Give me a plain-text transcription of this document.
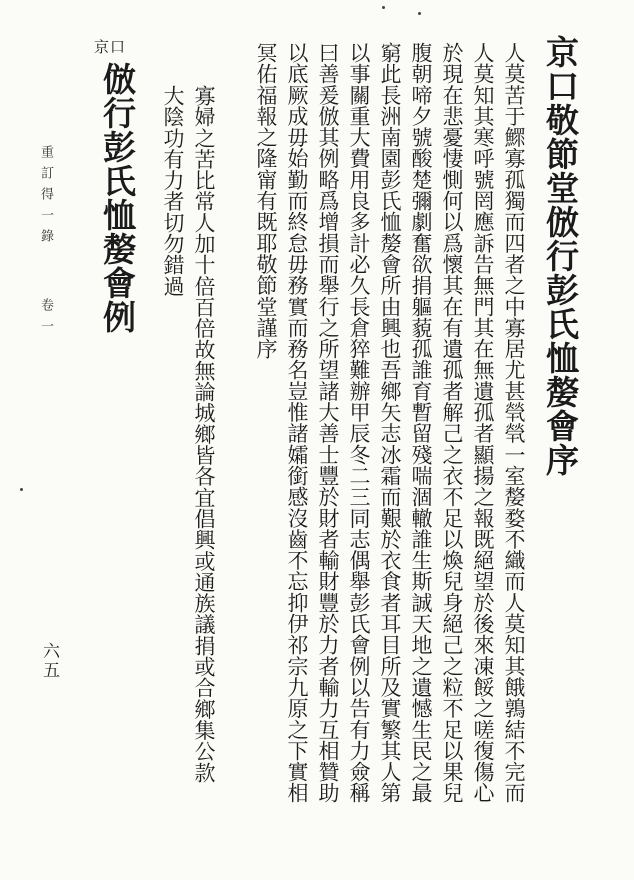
京口敬節堂倣行彭氏恤嫠會序
人莫苦于鰥寡孤獨而四者之中寡居尤甚煢煢一室嫠婺不織而人莫知其餓鶉結不完而
人莫知其寒呼號罔應訴告無門其在無遺孤者顯揚之報既絕望於後來凍餒之嗟復傷心
於現在悲憂悽惻何以爲懷其在有遺孤者解己之衣不足以煥兒身絕己之粒不足以果兒
腹朝啼夕號酸楚彌劇奮欲捐軀藐孤誰育暫留殘喘涸轍誰生斯誠天地之遺憾生民之最
窮此長洲南園彭氏恤嫠會所由興也吾鄉矢志冰霜而艱於衣食者耳目所及實繁其人第
以事關重大費用良多計必久長倉猝難辦甲辰冬二三同志偶舉彭氏會例以告有力僉稱
曰善爰倣其例略爲增損而舉行之所望諸大善士豐於財者輸財豐於力者輸力互相贊助
以底厥成毋始勤而終怠毋務實而務名豈惟諸孀銜感沒齒不忘抑伊祁宗九原之下實相
冥佑福報之隆甯有既耶敬節堂謹序
寡婦之苦比常人加十倍百倍故無論城鄉皆各宜倡興或通族議捐或合鄉集公款
大陰功有力者切勿錯過
倣行彭氏恤嫠會例
京口
重訂得一錄
卷一
六五
